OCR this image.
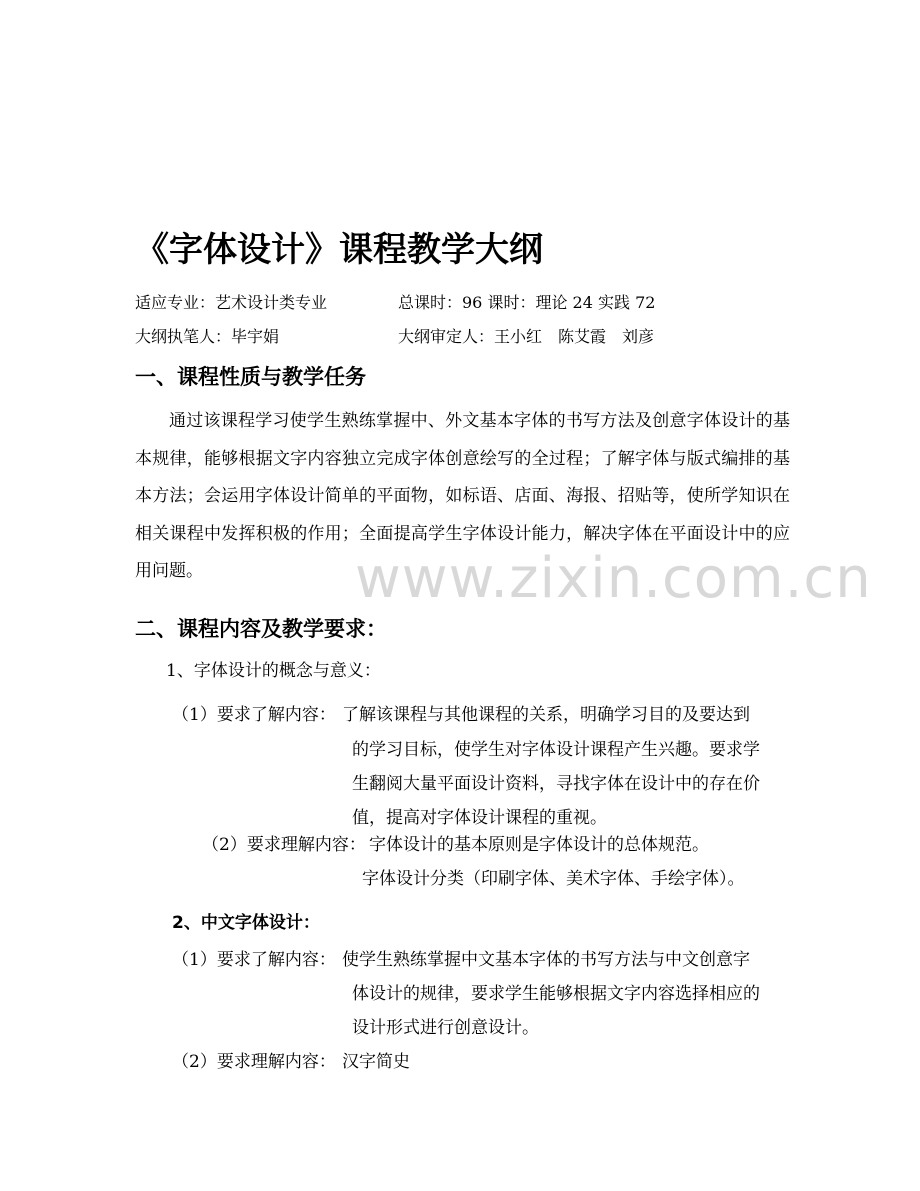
《字体设计》课程教学大纲
适应专业：艺术设计类专业	总课时：96 课时：理论 24 实践 72
大纲执笔人：毕宇娟	大纲审定人：王小红　陈艾霞　刘彦
一、课程性质与教学任务
通过该课程学习使学生熟练掌握中、外文基本字体的书写方法及创意字体设计的基本规律，能够根据文字内容独立完成字体创意绘写的全过程；了解字体与版式编排的基本方法；会运用字体设计简单的平面物，如标语、店面、海报、招贴等，使所学知识在相关课程中发挥积极的作用；全面提高学生字体设计能力，解决字体在平面设计中的应用问题。	www.zixin.com.cn
二、课程内容及教学要求：
1、字体设计的概念与意义：
（1）要求了解内容： 了解该课程与其他课程的关系，明确学习目的及要达到
的学习目标，使学生对字体设计课程产生兴趣。要求学
生翻阅大量平面设计资料，寻找字体在设计中的存在价
值，提高对字体设计课程的重视。
（2）要求理解内容： 字体设计的基本原则是字体设计的总体规范。
字体设计分类（印刷字体、美术字体、手绘字体）。
2、中文字体设计：
（1）要求了解内容： 使学生熟练掌握中文基本字体的书写方法与中文创意字
体设计的规律，要求学生能够根据文字内容选择相应的
设计形式进行创意设计。
（2）要求理解内容： 汉字简史
